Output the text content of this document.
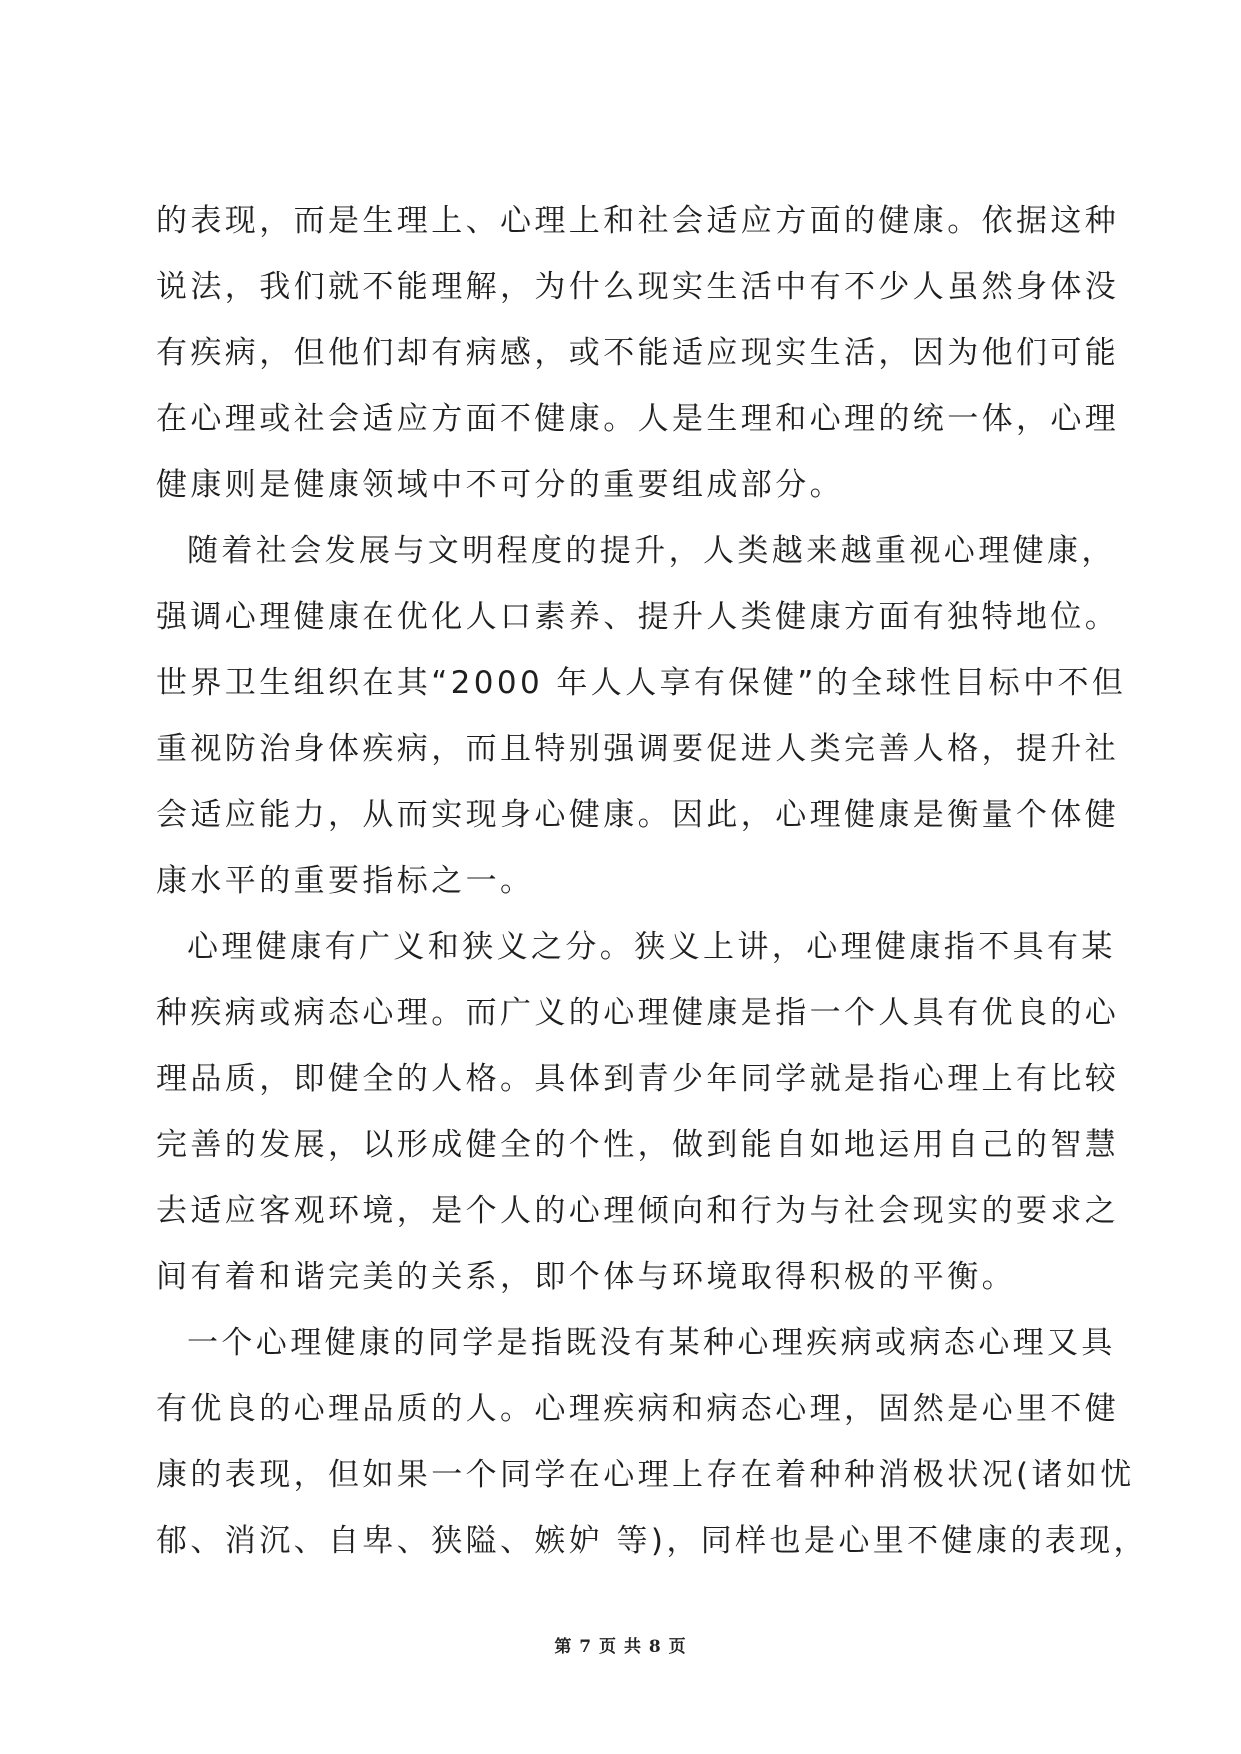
的表现，而是生理上、心理上和社会适应方面的健康。依据这种
说法，我们就不能理解，为什么现实生活中有不少人虽然身体没
有疾病，但他们却有病感，或不能适应现实生活，因为他们可能
在心理或社会适应方面不健康。人是生理和心理的统一体，心理
健康则是健康领域中不可分的重要组成部分。

随着社会发展与文明程度的提升，人类越来越重视心理健康，
强调心理健康在优化人口素养、提升人类健康方面有独特地位。
世界卫生组织在其“2000 年人人享有保健”的全球性目标中不但
重视防治身体疾病，而且特别强调要促进人类完善人格，提升社
会适应能力，从而实现身心健康。因此，心理健康是衡量个体健
康水平的重要指标之一。

心理健康有广义和狭义之分。狭义上讲，心理健康指不具有某
种疾病或病态心理。而广义的心理健康是指一个人具有优良的心
理品质，即健全的人格。具体到青少年同学就是指心理上有比较
完善的发展，以形成健全的个性，做到能自如地运用自己的智慧
去适应客观环境，是个人的心理倾向和行为与社会现实的要求之
间有着和谐完美的关系，即个体与环境取得积极的平衡。

一个心理健康的同学是指既没有某种心理疾病或病态心理又具
有优良的心理品质的人。心理疾病和病态心理，固然是心里不健
康的表现，但如果一个同学在心理上存在着种种消极状况(诸如忧
郁、消沉、自卑、狭隘、嫉妒 等)，同样也是心里不健康的表现，

第 7 页 共 8 页
